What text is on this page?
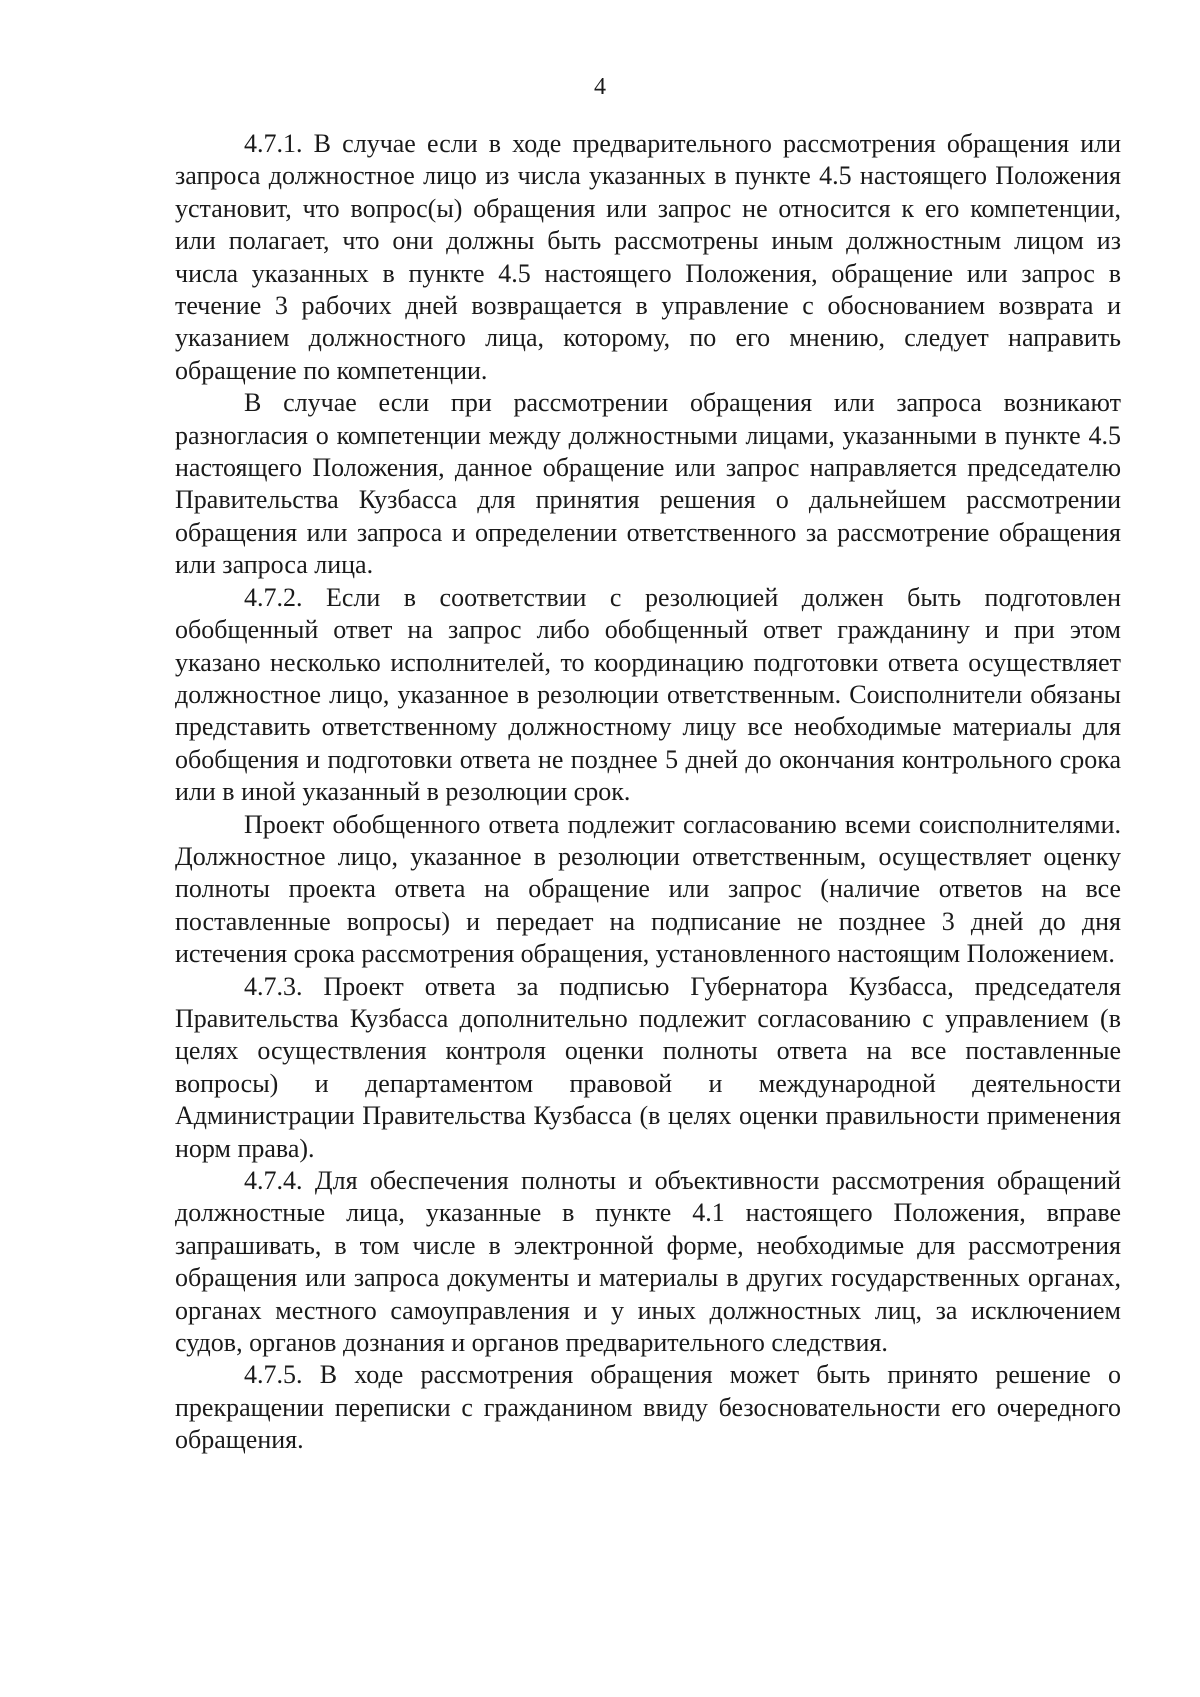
4

4.7.1. В случае если в ходе предварительного рассмотрения обращения или запроса должностное лицо из числа указанных в пункте 4.5 настоящего Положения установит, что вопрос(ы) обращения или запрос не относится к его компетенции, или полагает, что они должны быть рассмотрены иным должностным лицом из числа указанных в пункте 4.5 настоящего Положения, обращение или запрос в течение 3 рабочих дней возвращается в управление с обоснованием возврата и указанием должностного лица, которому, по его мнению, следует направить обращение по компетенции.

В случае если при рассмотрении обращения или запроса возникают разногласия о компетенции между должностными лицами, указанными в пункте 4.5 настоящего Положения, данное обращение или запрос направляется председателю Правительства Кузбасса для принятия решения о дальнейшем рассмотрении обращения или запроса и определении ответственного за рассмотрение обращения или запроса лица.

4.7.2. Если в соответствии с резолюцией должен быть подготовлен обобщенный ответ на запрос либо обобщенный ответ гражданину и при этом указано несколько исполнителей, то координацию подготовки ответа осуществляет должностное лицо, указанное в резолюции ответственным. Соисполнители обязаны представить ответственному должностному лицу все необходимые материалы для обобщения и подготовки ответа не позднее 5 дней до окончания контрольного срока или в иной указанный в резолюции срок.

Проект обобщенного ответа подлежит согласованию всеми соисполнителями. Должностное лицо, указанное в резолюции ответственным, осуществляет оценку полноты проекта ответа на обращение или запрос (наличие ответов на все поставленные вопросы) и передает на подписание не позднее 3 дней до дня истечения срока рассмотрения обращения, установленного настоящим Положением.

4.7.3. Проект ответа за подписью Губернатора Кузбасса, председателя Правительства Кузбасса дополнительно подлежит согласованию с управлением (в целях осуществления контроля оценки полноты ответа на все поставленные вопросы) и департаментом правовой и международной деятельности Администрации Правительства Кузбасса (в целях оценки правильности применения норм права).

4.7.4. Для обеспечения полноты и объективности рассмотрения обращений должностные лица, указанные в пункте 4.1 настоящего Положения, вправе запрашивать, в том числе в электронной форме, необходимые для рассмотрения обращения или запроса документы и материалы в других государственных органах, органах местного самоуправления и у иных должностных лиц, за исключением судов, органов дознания и органов предварительного следствия.

4.7.5. В ходе рассмотрения обращения может быть принято решение о прекращении переписки с гражданином ввиду безосновательности его очередного обращения.
